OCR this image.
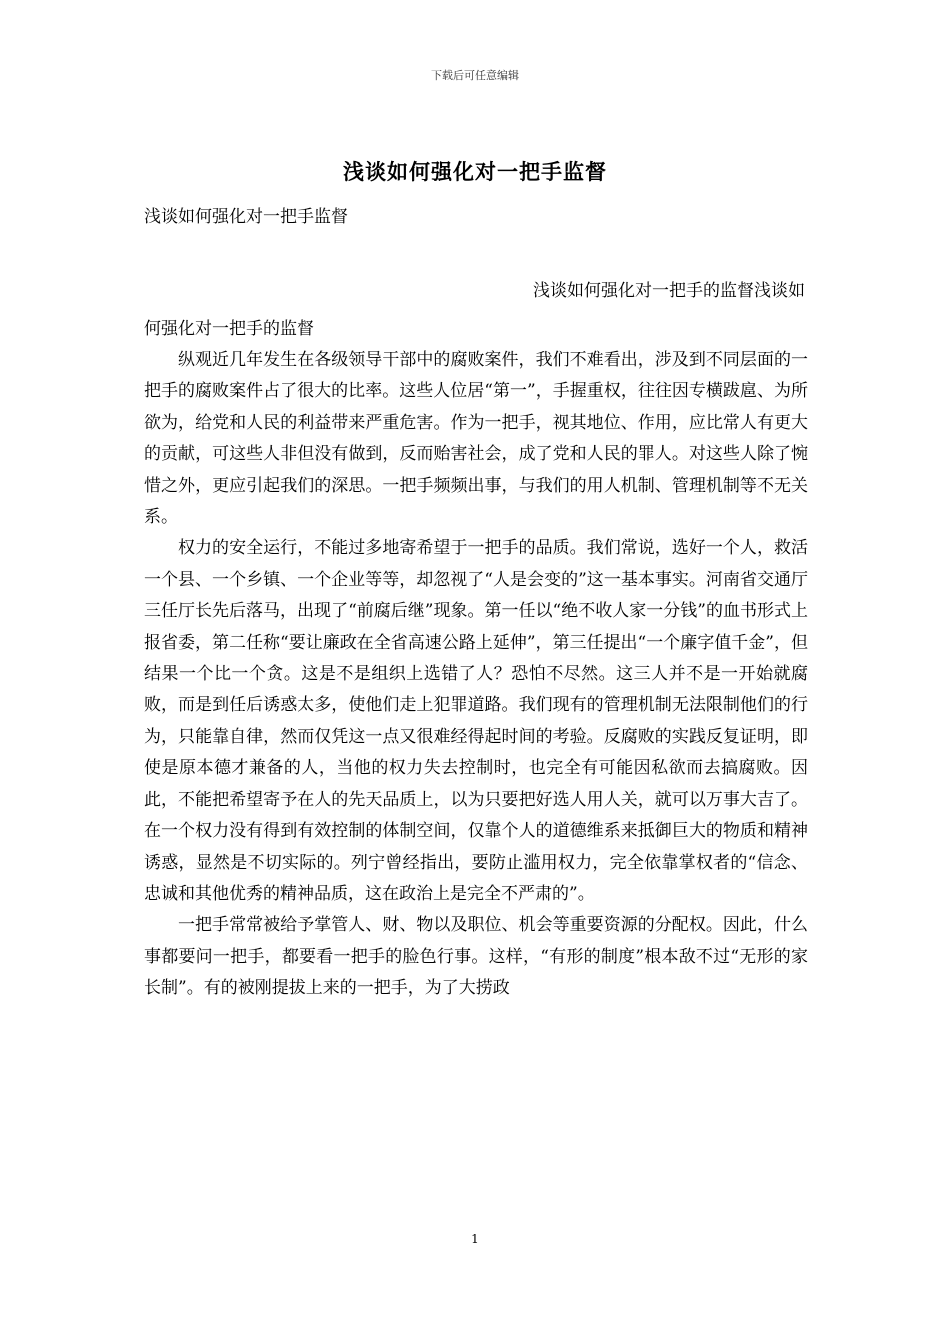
下载后可任意编辑
浅谈如何强化对一把手监督
浅谈如何强化对一把手监督
浅谈如何强化对一把手的监督浅谈如
何强化对一把手的监督

纵观近几年发生在各级领导干部中的腐败案件，我们不难看出，涉及到不同层面的一把手的腐败案件占了很大的比率。这些人位居“第一”，手握重权，往往因专横跋扈、为所欲为，给党和人民的利益带来严重危害。作为一把手，视其地位、作用，应比常人有更大的贡献，可这些人非但没有做到，反而贻害社会，成了党和人民的罪人。对这些人除了惋惜之外，更应引起我们的深思。一把手频频出事，与我们的用人机制、管理机制等不无关系。

权力的安全运行，不能过多地寄希望于一把手的品质。我们常说，选好一个人，救活一个县、一个乡镇、一个企业等等，却忽视了“人是会变的”这一基本事实。河南省交通厅三任厅长先后落马，出现了“前腐后继”现象。第一任以“绝不收人家一分钱”的血书形式上报省委，第二任称“要让廉政在全省高速公路上延伸”，第三任提出“一个廉字值千金”，但结果一个比一个贪。这是不是组织上选错了人？恐怕不尽然。这三人并不是一开始就腐败，而是到任后诱惑太多，使他们走上犯罪道路。我们现有的管理机制无法限制他们的行为，只能靠自律，然而仅凭这一点又很难经得起时间的考验。反腐败的实践反复证明，即使是原本德才兼备的人，当他的权力失去控制时，也完全有可能因私欲而去搞腐败。因此，不能把希望寄予在人的先天品质上，以为只要把好选人用人关，就可以万事大吉了。在一个权力没有得到有效控制的体制空间，仅靠个人的道德维系来抵御巨大的物质和精神诱惑，显然是不切实际的。列宁曾经指出，要防止滥用权力，完全依靠掌权者的“信念、忠诚和其他优秀的精神品质，这在政治上是完全不严肃的”。

一把手常常被给予掌管人、财、物以及职位、机会等重要资源的分配权。因此，什么事都要问一把手，都要看一把手的脸色行事。这样，“有形的制度”根本敌不过“无形的家长制”。有的被刚提拔上来的一把手，为了大捞政

1
